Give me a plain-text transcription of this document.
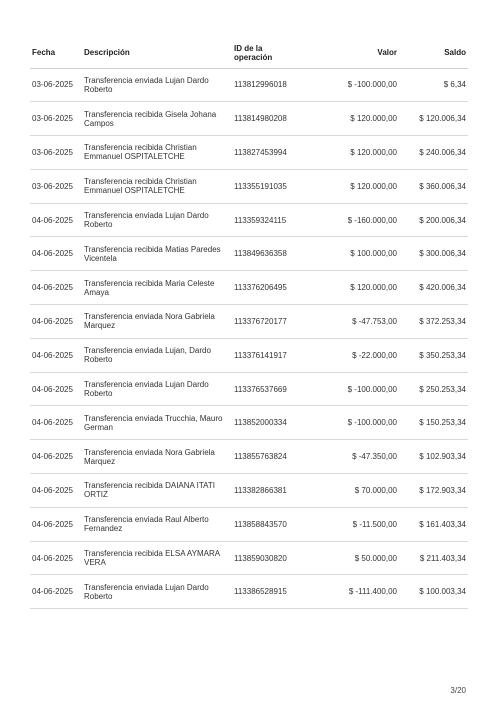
Fecha	Descripción	ID de la operación	Valor	Saldo
03-06-2025	Transferencia enviada Lujan Dardo Roberto	113812996018	$ -100.000,00	$ 6,34
03-06-2025	Transferencia recibida Gisela Johana Campos	113814980208	$ 120.000,00	$ 120.006,34
03-06-2025	Transferencia recibida Christian Emmanuel OSPITALETCHE	113827453994	$ 120.000,00	$ 240.006,34
03-06-2025	Transferencia recibida Christian Emmanuel OSPITALETCHE	113355191035	$ 120.000,00	$ 360.006,34
04-06-2025	Transferencia enviada Lujan Dardo Roberto	113359324115	$ -160.000,00	$ 200.006,34
04-06-2025	Transferencia recibida Matias Paredes Vicentela	113849636358	$ 100.000,00	$ 300.006,34
04-06-2025	Transferencia recibida Maria Celeste Amaya	113376206495	$ 120.000,00	$ 420.006,34
04-06-2025	Transferencia enviada Nora Gabriela Marquez	113376720177	$ -47.753,00	$ 372.253,34
04-06-2025	Transferencia enviada Lujan, Dardo Roberto	113376141917	$ -22.000,00	$ 350.253,34
04-06-2025	Transferencia enviada Lujan Dardo Roberto	113376537669	$ -100.000,00	$ 250.253,34
04-06-2025	Transferencia enviada Trucchia, Mauro German	113852000334	$ -100.000,00	$ 150.253,34
04-06-2025	Transferencia enviada Nora Gabriela Marquez	113855763824	$ -47.350,00	$ 102.903,34
04-06-2025	Transferencia recibida DAIANA ITATI ORTIZ	113382866381	$ 70.000,00	$ 172.903,34
04-06-2025	Transferencia enviada Raul Alberto Fernandez	113858843570	$ -11.500,00	$ 161.403,34
04-06-2025	Transferencia recibida ELSA AYMARA VERA	113859030820	$ 50.000,00	$ 211.403,34
04-06-2025	Transferencia enviada Lujan Dardo Roberto	113386528915	$ -111.400,00	$ 100.003,34
3/20
